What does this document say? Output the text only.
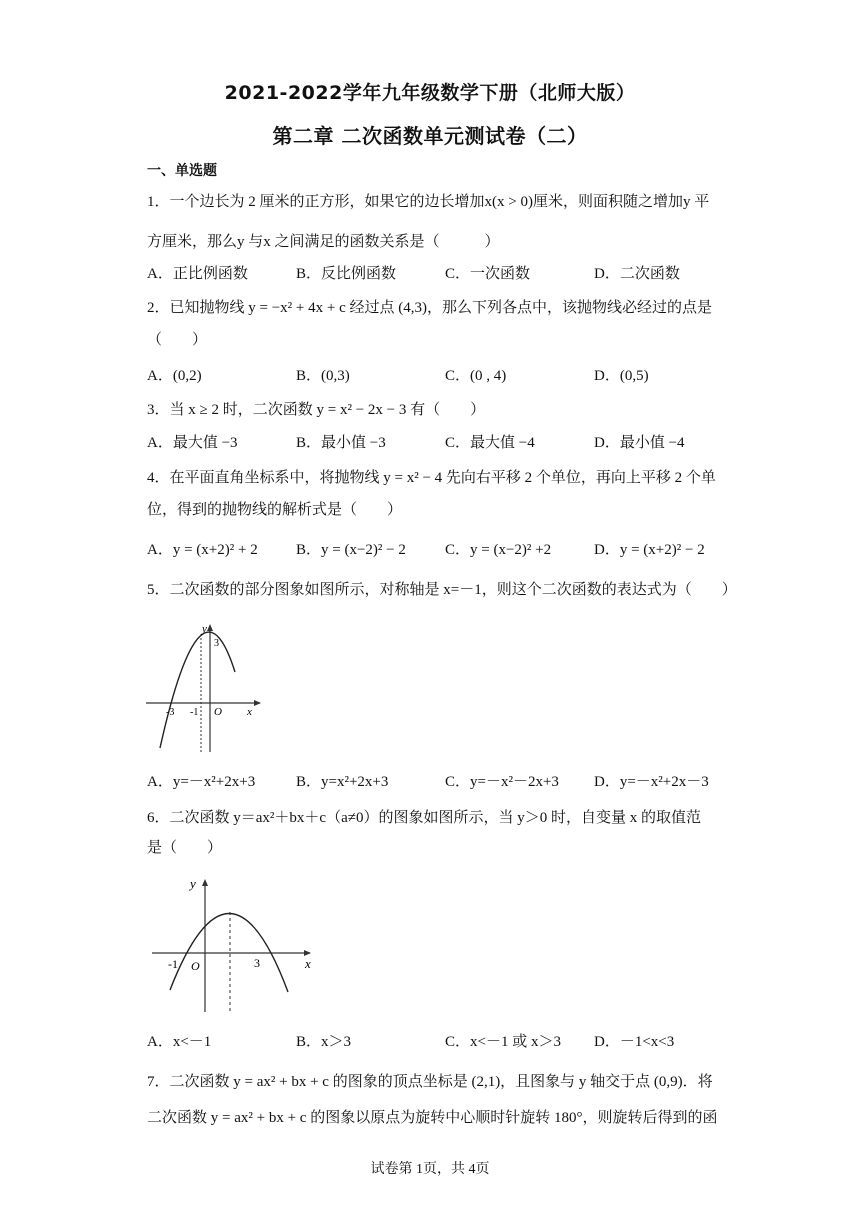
2021-2022学年九年级数学下册（北师大版）
第二章 二次函数单元测试卷（二）
一、单选题
1．一个边长为 2 厘米的正方形，如果它的边长增加x(x > 0)厘米，则面积随之增加y 平
方厘米，那么y 与x 之间满足的函数关系是（　　　）
A．正比例函数	B．反比例函数	C．一次函数	D．二次函数
2．已知抛物线 y = −x² + 4x + c 经过点 (4,3)，那么下列各点中，该抛物线必经过的点是
（　　）
A．(0,2)	B．(0,3)	C．(0 , 4)	D．(0,5)
3．当 x ≥ 2 时，二次函数 y = x² − 2x − 3 有（　　）
A．最大值 −3	B．最小值 −3	C．最大值 −4	D．最小值 −4
4．在平面直角坐标系中，将抛物线 y = x² − 4 先向右平移 2 个单位，再向上平移 2 个单
位，得到的抛物线的解析式是（　　）
A．y = (x+2)² + 2	B．y = (x−2)² − 2	C．y = (x−2)² +2	D．y = (x+2)² − 2
5．二次函数的部分图象如图所示，对称轴是 x=－1，则这个二次函数的表达式为（　　）
y
3
-3 -1 O x
A．y=－x²+2x+3	B．y=x²+2x+3	C．y=－x²－2x+3 D．y=－x²+2x－3
6．二次函数 y＝ax²＋bx＋c（a≠0）的图象如图所示，当 y＞0 时，自变量 x 的取值范
是（　　）
y
-1 O	3	x
A．x<－1	B．x＞3	C．x<－1 或 x＞3 D．－1<x<3
7．二次函数 y = ax² + bx + c 的图象的顶点坐标是 (2,1)，且图象与 y 轴交于点 (0,9)．将
二次函数 y = ax² + bx + c 的图象以原点为旋转中心顺时针旋转 180°，则旋转后得到的函
试卷第 1页，共 4页
